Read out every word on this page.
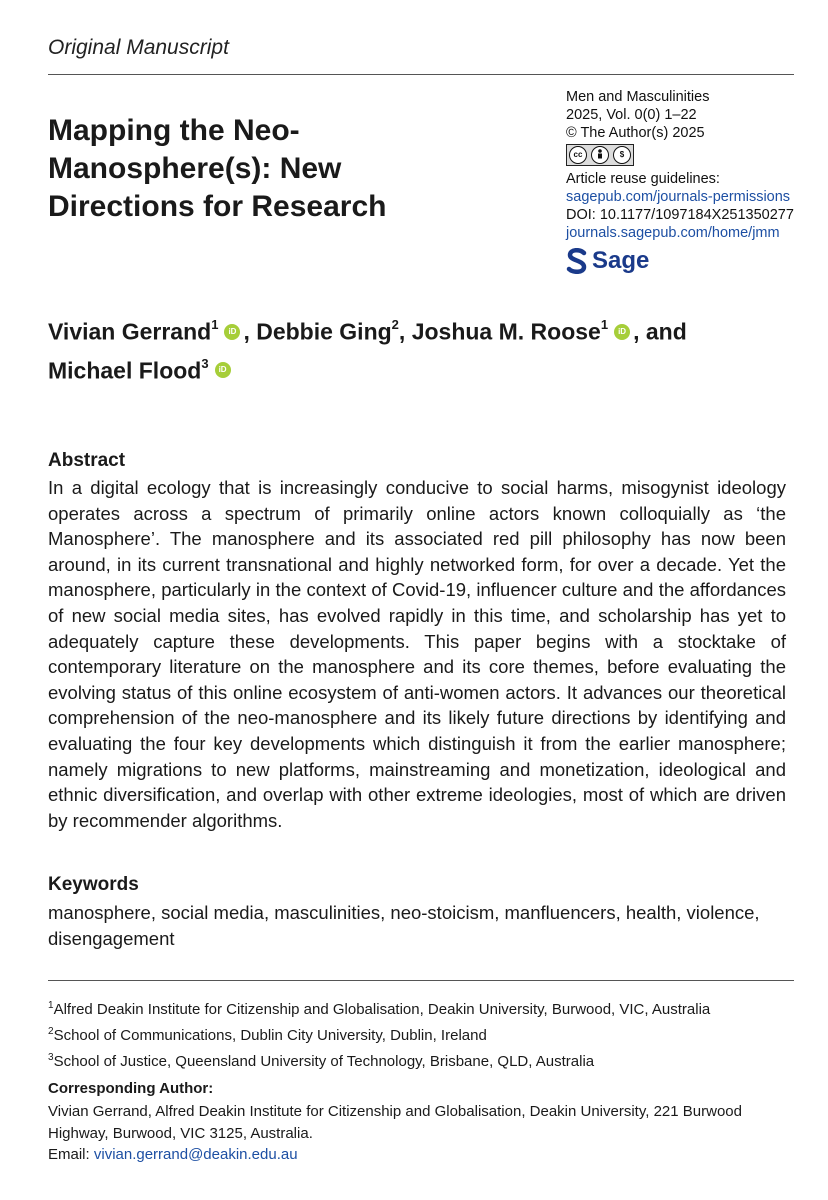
Original Manuscript
Mapping the Neo-Manosphere(s): New Directions for Research
Men and Masculinities
2025, Vol. 0(0) 1–22
© The Author(s) 2025
cc	$
Article reuse guidelines:
sagepub.com/journals-permissions
DOI: 10.1177/1097184X251350277
journals.sagepub.com/home/jmm
Sage
Vivian Gerrand$^1$ iD , Debbie Ging$^2$, Joshua M. Roose$^1$ iD , and
Michael Flood$^3$ iD
Abstract
In a digital ecology that is increasingly conducive to social harms, misogynist ideology operates across a spectrum of primarily online actors known colloquially as ‘the Manosphere’. The manosphere and its associated red pill philosophy has now been around, in its current transnational and highly networked form, for over a decade. Yet the manosphere, particularly in the context of Covid-19, influencer culture and the affordances of new social media sites, has evolved rapidly in this time, and scholarship has yet to adequately capture these developments. This paper begins with a stocktake of contemporary literature on the manosphere and its core themes, before evaluating the evolving status of this online ecosystem of anti-women actors. It advances our theoretical comprehension of the neo-manosphere and its likely future directions by identifying and evaluating the four key developments which distinguish it from the earlier manosphere; namely migrations to new platforms, mainstreaming and monetization, ideological and ethnic diversification, and overlap with other extreme ideologies, most of which are driven by recommender algorithms.
Keywords
manosphere, social media, masculinities, neo-stoicism, manfluencers, health, violence, disengagement
$^1$Alfred Deakin Institute for Citizenship and Globalisation, Deakin University, Burwood, VIC, Australia
$^2$School of Communications, Dublin City University, Dublin, Ireland
$^3$School of Justice, Queensland University of Technology, Brisbane, QLD, Australia
Corresponding Author:
Vivian Gerrand, Alfred Deakin Institute for Citizenship and Globalisation, Deakin University, 221 Burwood Highway, Burwood, VIC 3125, Australia.
Email: vivian.gerrand@deakin.edu.au
